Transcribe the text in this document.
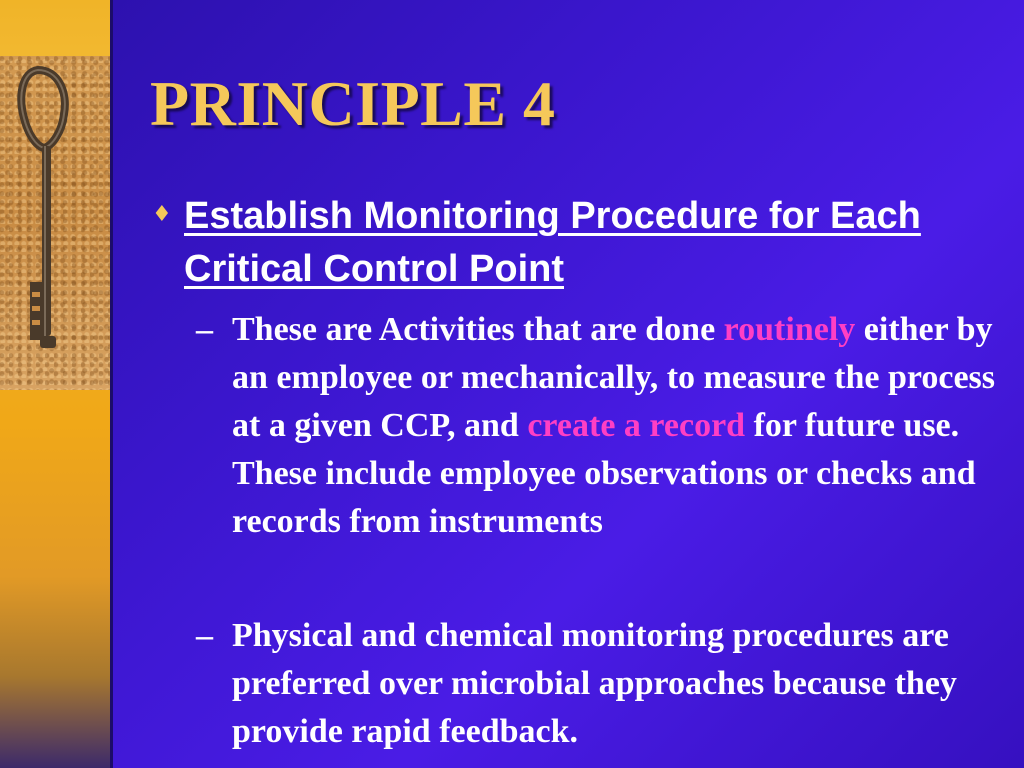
PRINCIPLE 4
♦ Establish Monitoring Procedure for Each Critical Control Point
– These are Activities that are done routinely either by an employee or mechanically, to measure the process at a given CCP, and create a record for future use. These include employee observations or checks and records from instruments
– Physical and chemical monitoring procedures are preferred over microbial approaches because they provide rapid feedback.
